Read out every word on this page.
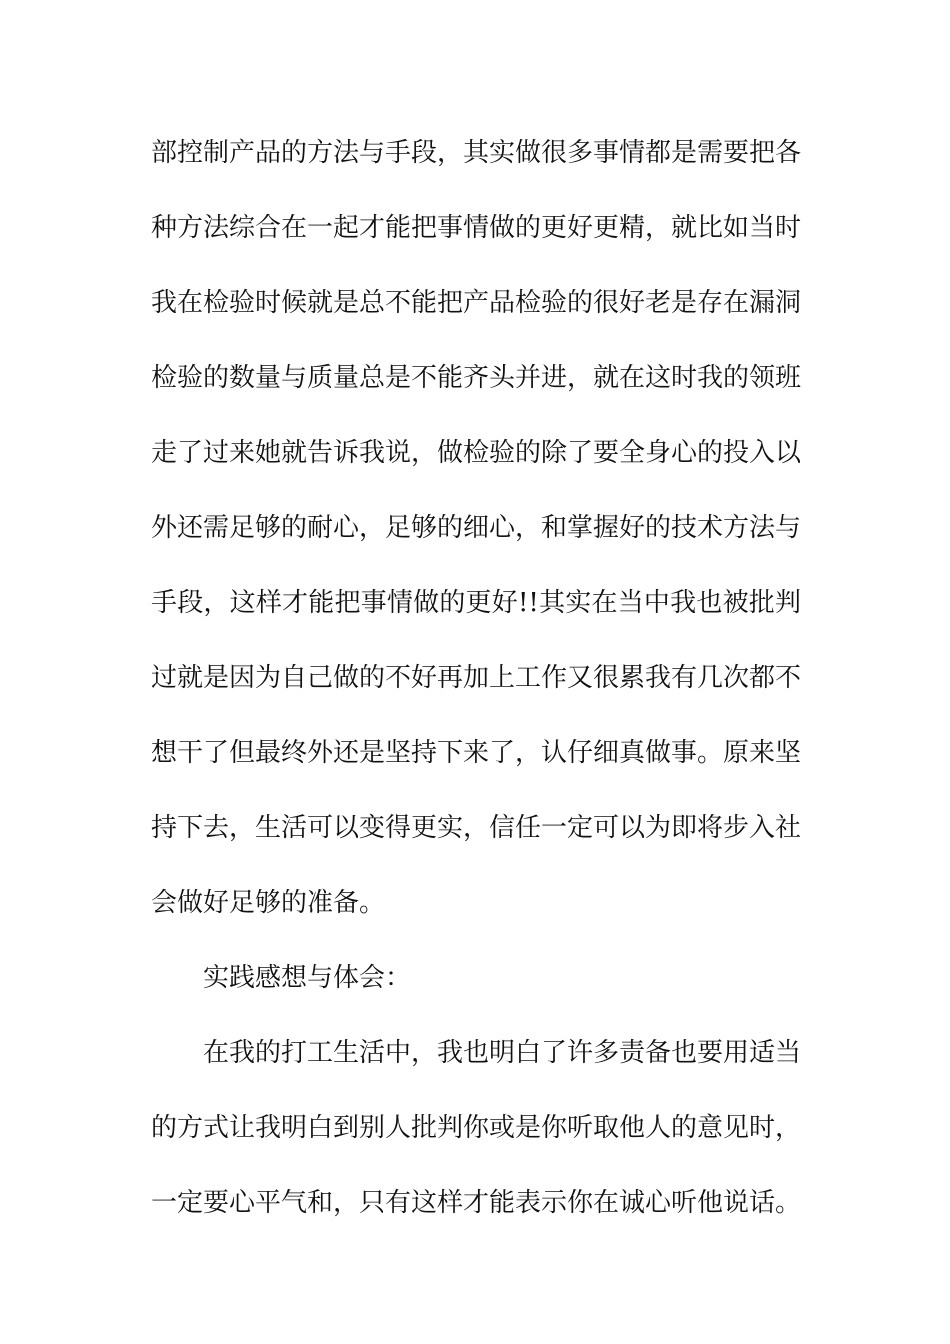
部控制产品的方法与手段，其实做很多事情都是需要把各
种方法综合在一起才能把事情做的更好更精，就比如当时
我在检验时候就是总不能把产品检验的很好老是存在漏洞
检验的数量与质量总是不能齐头并进，就在这时我的领班
走了过来她就告诉我说，做检验的除了要全身心的投入以
外还需足够的耐心，足够的细心，和掌握好的技术方法与
手段，这样才能把事情做的更好!!其实在当中我也被批判
过就是因为自己做的不好再加上工作又很累我有几次都不
想干了但最终外还是坚持下来了，认仔细真做事。原来坚
持下去，生活可以变得更实，信任一定可以为即将步入社
会做好足够的准备。
实践感想与体会：
在我的打工生活中，我也明白了许多责备也要用适当
的方式让我明白到别人批判你或是你听取他人的意见时，
一定要心平气和，只有这样才能表示你在诚心听他说话。
